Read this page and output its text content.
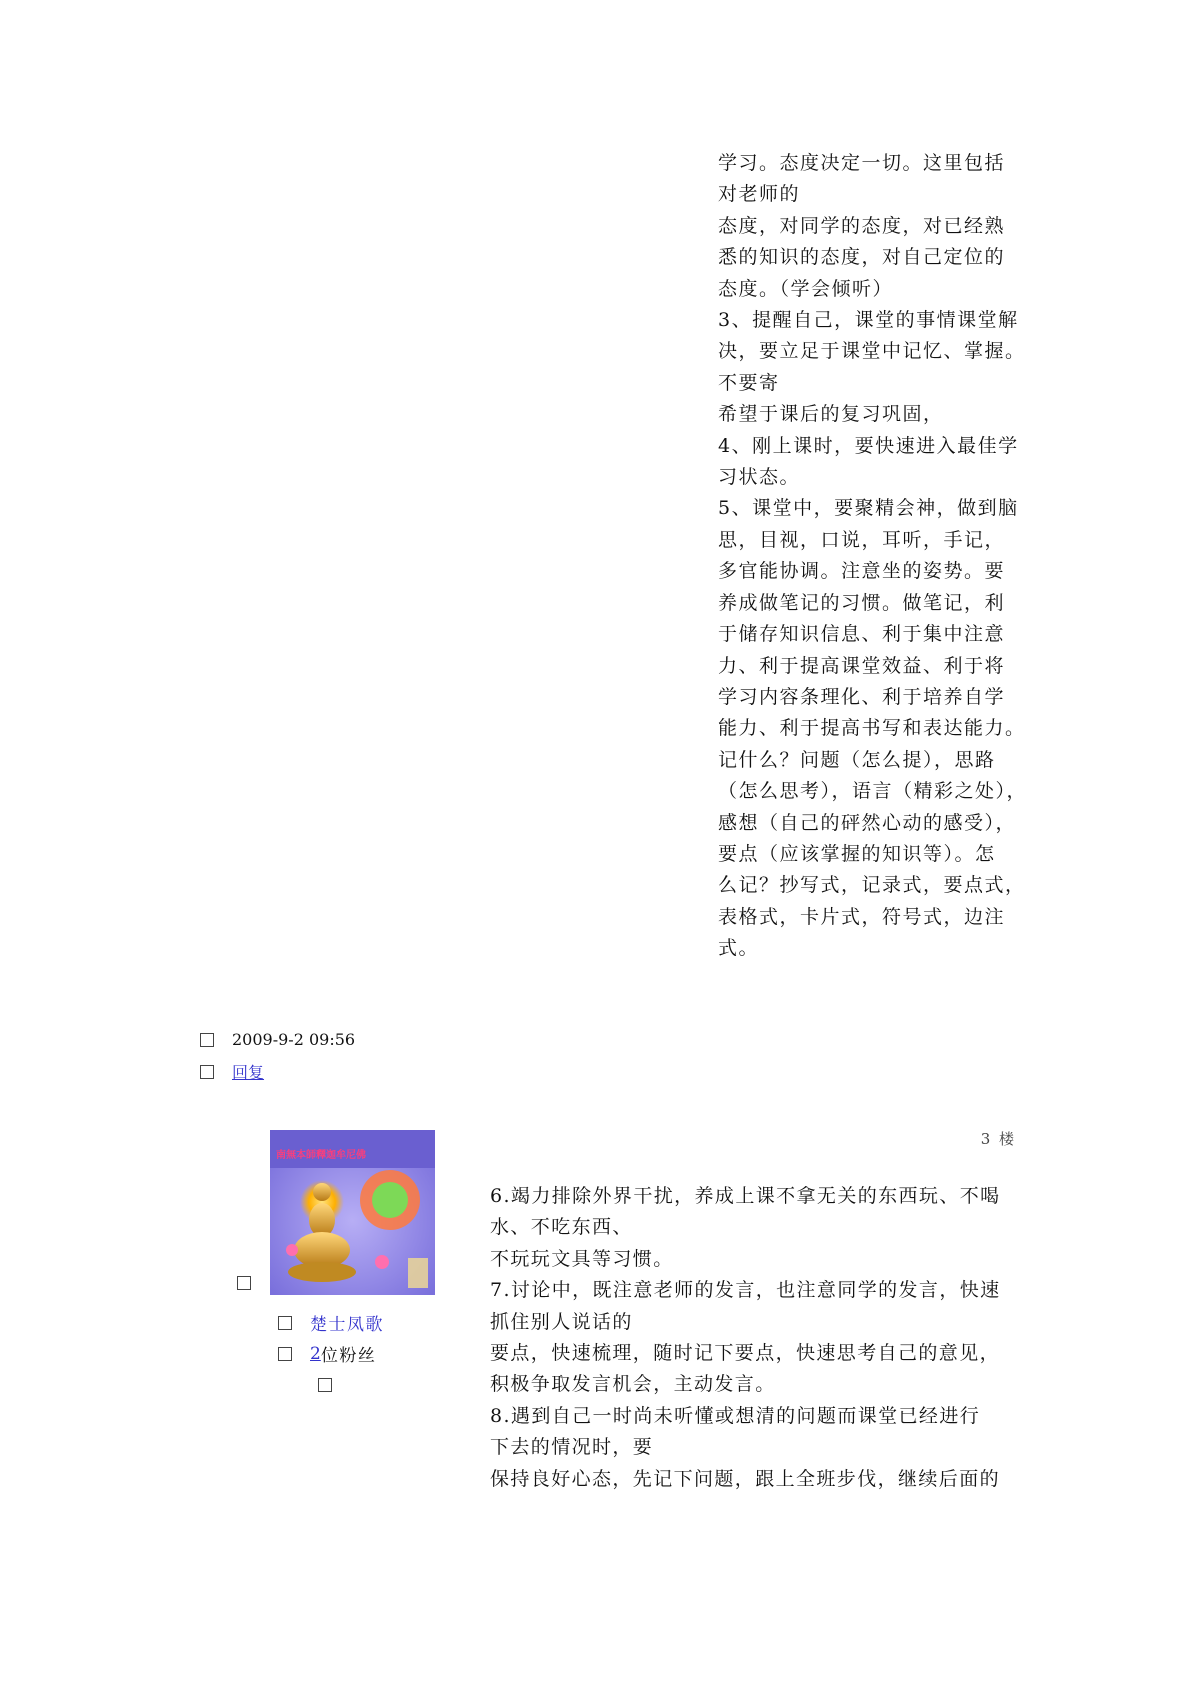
学习。态度决定一切。这里包括

对老师的

态度，对同学的态度，对已经熟

悉的知识的态度，对自己定位的

态度。（学会倾听）

3、提醒自己，课堂的事情课堂解

决，要立足于课堂中记忆、掌握。

不要寄

希望于课后的复习巩固，

4、刚上课时，要快速进入最佳学

习状态。

5、课堂中，要聚精会神，做到脑

思，目视，口说，耳听，手记，

多官能协调。注意坐的姿势。要

养成做笔记的习惯。做笔记，利

于储存知识信息、利于集中注意

力、利于提高课堂效益、利于将

学习内容条理化、利于培养自学

能力、利于提高书写和表达能力。

记什么？问题（怎么提），思路

（怎么思考），语言（精彩之处），

感想（自己的砰然心动的感受），

要点（应该掌握的知识等）。怎

么记？抄写式，记录式，要点式，

表格式，卡片式，符号式，边注

式。

2009-9-2 09:56
回复
3 楼
南無本師釋迦牟尼佛
楚士凤歌
2 位粉丝

6.竭力排除外界干扰，养成上课不拿无关的东西玩、不喝

水、不吃东西、

不玩玩文具等习惯。

7.讨论中，既注意老师的发言，也注意同学的发言，快速

抓住别人说话的

要点，快速梳理，随时记下要点，快速思考自己的意见，

积极争取发言机会，主动发言。

8.遇到自己一时尚未听懂或想清的问题而课堂已经进行

下去的情况时，要

保持良好心态，先记下问题，跟上全班步伐，继续后面的
